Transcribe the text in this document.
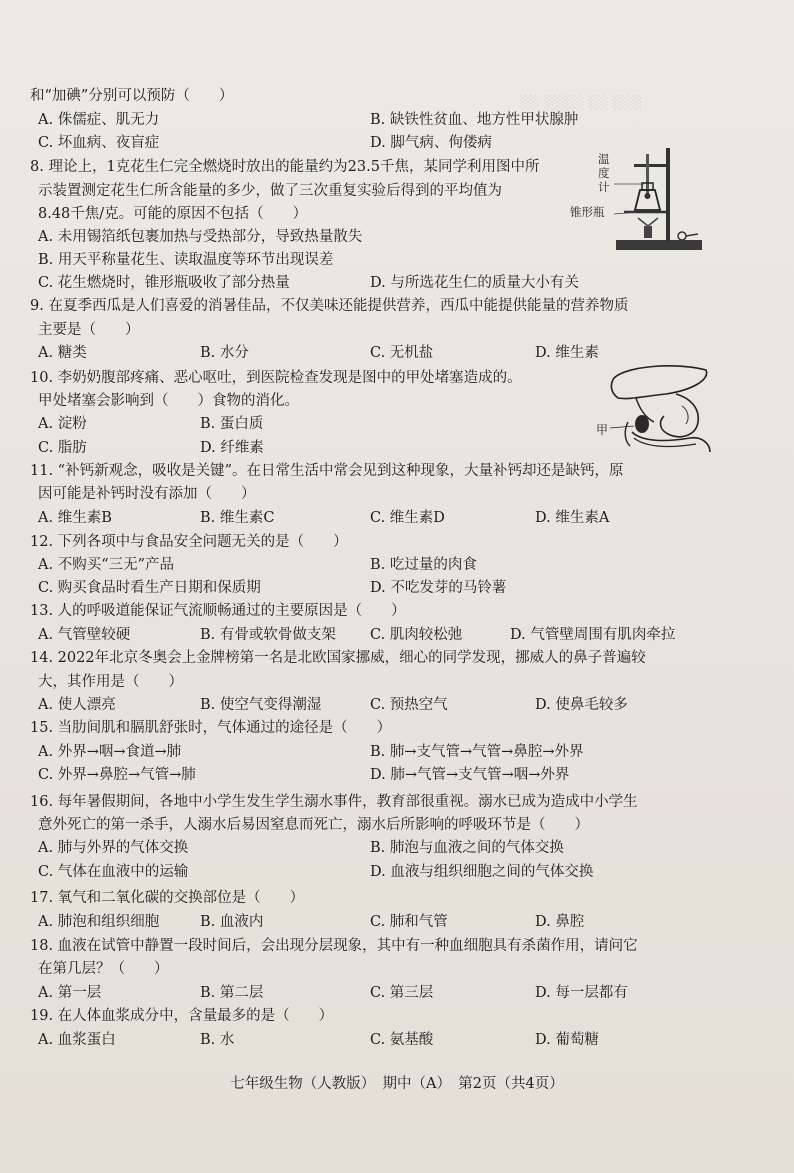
░░ ░░░░ ░░ ░░░
和“加碘”分别可以预防（　　）
A. 侏儒症、肌无力	B. 缺铁性贫血、地方性甲状腺肿
C. 坏血病、夜盲症	D. 脚气病、佝偻病
8. 理论上，1克花生仁完全燃烧时放出的能量约为23.5千焦，某同学利用图中所
示装置测定花生仁所含能量的多少，做了三次重复实验后得到的平均值为
8.48千焦/克。可能的原因不包括（　　）
A. 未用锡箔纸包裹加热与受热部分，导致热量散失
B. 用天平称量花生、读取温度等环节出现误差
C. 花生燃烧时，锥形瓶吸收了部分热量	D. 与所选花生仁的质量大小有关
温度计
锥形瓶
9. 在夏季西瓜是人们喜爱的消暑佳品，不仅美味还能提供营养，西瓜中能提供能量的营养物质
主要是（　　）
A. 糖类	B. 水分	C. 无机盐	D. 维生素
10. 李奶奶腹部疼痛、恶心呕吐，到医院检查发现是图中的甲处堵塞造成的。
甲处堵塞会影响到（　　）食物的消化。
A. 淀粉	B. 蛋白质
C. 脂肪	D. 纤维素
甲
11. “补钙新观念，吸收是关键”。在日常生活中常会见到这种现象，大量补钙却还是缺钙，原
因可能是补钙时没有添加（　　）
A. 维生素B	B. 维生素C	C. 维生素D	D. 维生素A
12. 下列各项中与食品安全问题无关的是（　　）
A. 不购买“三无”产品	B. 吃过量的肉食
C. 购买食品时看生产日期和保质期	D. 不吃发芽的马铃薯
13. 人的呼吸道能保证气流顺畅通过的主要原因是（　　）
A. 气管壁较硬	B. 有骨或软骨做支架 C. 肌肉较松弛	D. 气管壁周围有肌肉牵拉
14. 2022年北京冬奥会上金牌榜第一名是北欧国家挪威，细心的同学发现，挪威人的鼻子普遍较
大，其作用是（　　）
A. 使人漂亮	B. 使空气变得潮湿	C. 预热空气	D. 使鼻毛较多
15. 当肋间肌和膈肌舒张时，气体通过的途径是（　　）
A. 外界→咽→食道→肺	B. 肺→支气管→气管→鼻腔→外界
C. 外界→鼻腔→气管→肺	D. 肺→气管→支气管→咽→外界
16. 每年暑假期间，各地中小学生发生学生溺水事件，教育部很重视。溺水已成为造成中小学生
意外死亡的第一杀手，人溺水后易因窒息而死亡，溺水后所影响的呼吸环节是（　　）
A. 肺与外界的气体交换	B. 肺泡与血液之间的气体交换
C. 气体在血液中的运输	D. 血液与组织细胞之间的气体交换
17. 氧气和二氧化碳的交换部位是（　　）
A. 肺泡和组织细胞	B. 血液内	C. 肺和气管	D. 鼻腔
18. 血液在试管中静置一段时间后，会出现分层现象，其中有一种血细胞具有杀菌作用，请问它
在第几层？（　　）
A. 第一层	B. 第二层	C. 第三层	D. 每一层都有
19. 在人体血浆成分中，含量最多的是（　　）
A. 血浆蛋白	B. 水	C. 氨基酸	D. 葡萄糖
七年级生物（人教版）　期中（A）　第2页（共4页）
